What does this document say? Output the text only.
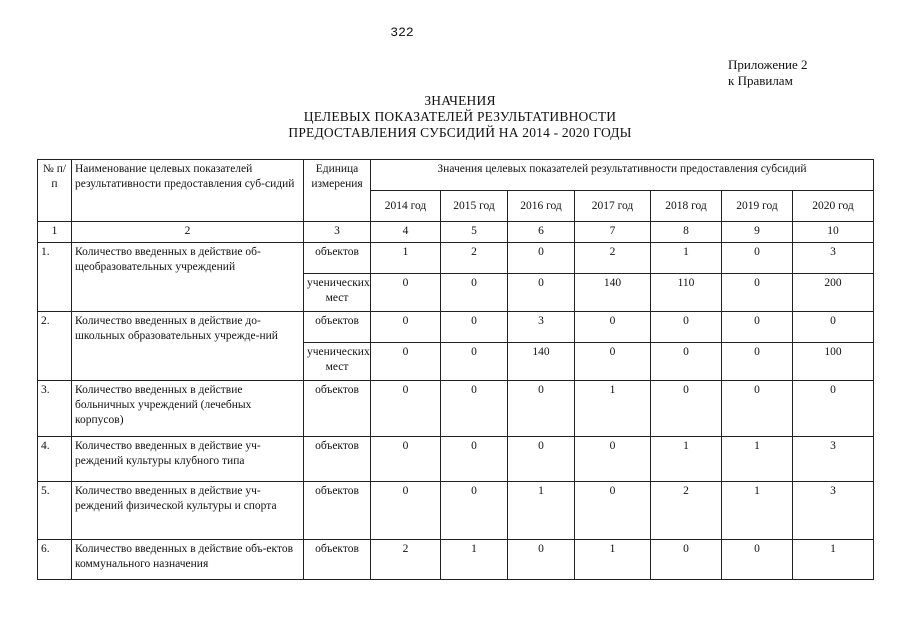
322
Приложение 2
к Правилам
ЗНАЧЕНИЯ
ЦЕЛЕВЫХ ПОКАЗАТЕЛЕЙ РЕЗУЛЬТАТИВНОСТИ
ПРЕДОСТАВЛЕНИЯ СУБСИДИЙ НА 2014 - 2020 ГОДЫ
№ п/п	Наименование целевых показателей результативности предоставления суб-сидий	Единица измерения	Значения целевых показателей результативности предоставления субсидий						
			2014 год	2015 год	2016 год	2017 год	2018 год	2019 год	2020 год
1	2	3	4	5	6	7	8	9	10
1.	Количество введенных в действие об-щеобразовательных учреждений	объектов	1	2	0	2	1	0	3
		ученических мест	0	0	0	140	110	0	200
2.	Количество введенных в действие до-школьных образовательных учрежде-ний	объектов	0	0	3	0	0	0	0
		ученических мест	0	0	140	0	0	0	100
3.	Количество введенных в действие больничных учреждений (лечебных корпусов)	объектов	0	0	0	1	0	0	0
4.	Количество введенных в действие уч-реждений культуры клубного типа	объектов	0	0	0	0	1	1	3
5.	Количество введенных в действие уч-реждений физической культуры и спорта	объектов	0	0	1	0	2	1	3
6.	Количество введенных в действие объ-ектов коммунального назначения	объектов	2	1	0	1	0	0	1
